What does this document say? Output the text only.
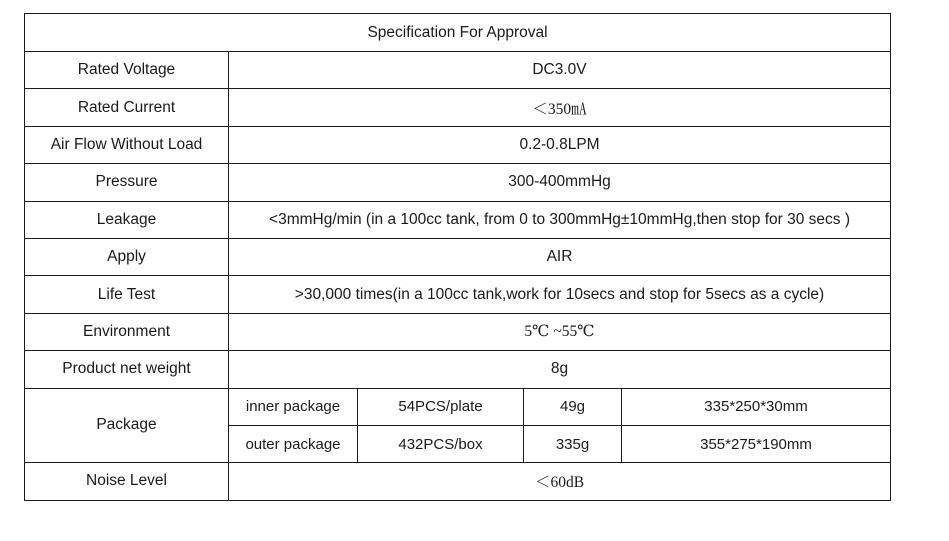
Specification For Approval				
Rated Voltage	DC3.0V			
Rated Current	＜350㎃			
Air Flow Without Load	0.2-0.8LPM			
Pressure	300-400mmHg			
Leakage	<3mmHg/min (in a 100cc tank, from 0 to 300mmHg±10mmHg,then stop for 30 secs )			
Apply	AIR			
Life Test	>30,000 times(in a 100cc tank,work for 10secs and stop for 5secs as a cycle)			
Environment	5℃ ~55℃			
Product net weight	8g			
Package	inner package	54PCS/plate	49g	335*250*30mm
	outer package	432PCS/box	335g	355*275*190mm
Noise Level	＜60dB			
